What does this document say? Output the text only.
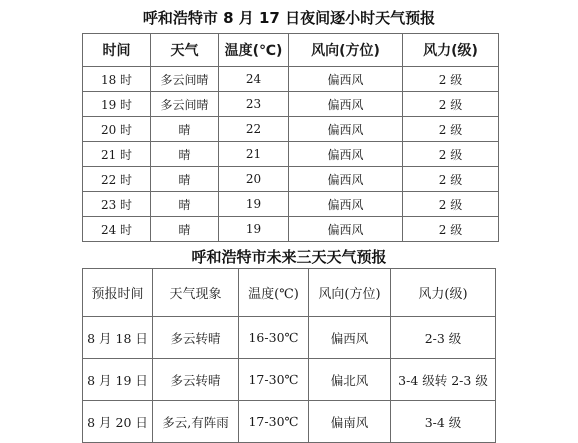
呼和浩特市 8 月 17 日夜间逐小时天气预报
时间	天气	温度(℃)	风向(方位)	风力(级)
18 时	多云间晴	24	偏西风	2 级
19 时	多云间晴	23	偏西风	2 级
20 时	晴	22	偏西风	2 级
21 时	晴	21	偏西风	2 级
22 时	晴	20	偏西风	2 级
23 时	晴	19	偏西风	2 级
24 时	晴	19	偏西风	2 级
呼和浩特市未来三天天气预报
预报时间	天气现象	温度(℃)	风向(方位)	风力(级)
8 月 18 日	多云转晴	16-30℃	偏西风	2-3 级
8 月 19 日	多云转晴	17-30℃	偏北风	3-4 级转 2-3 级
8 月 20 日	多云,有阵雨	17-30℃	偏南风	3-4 级
